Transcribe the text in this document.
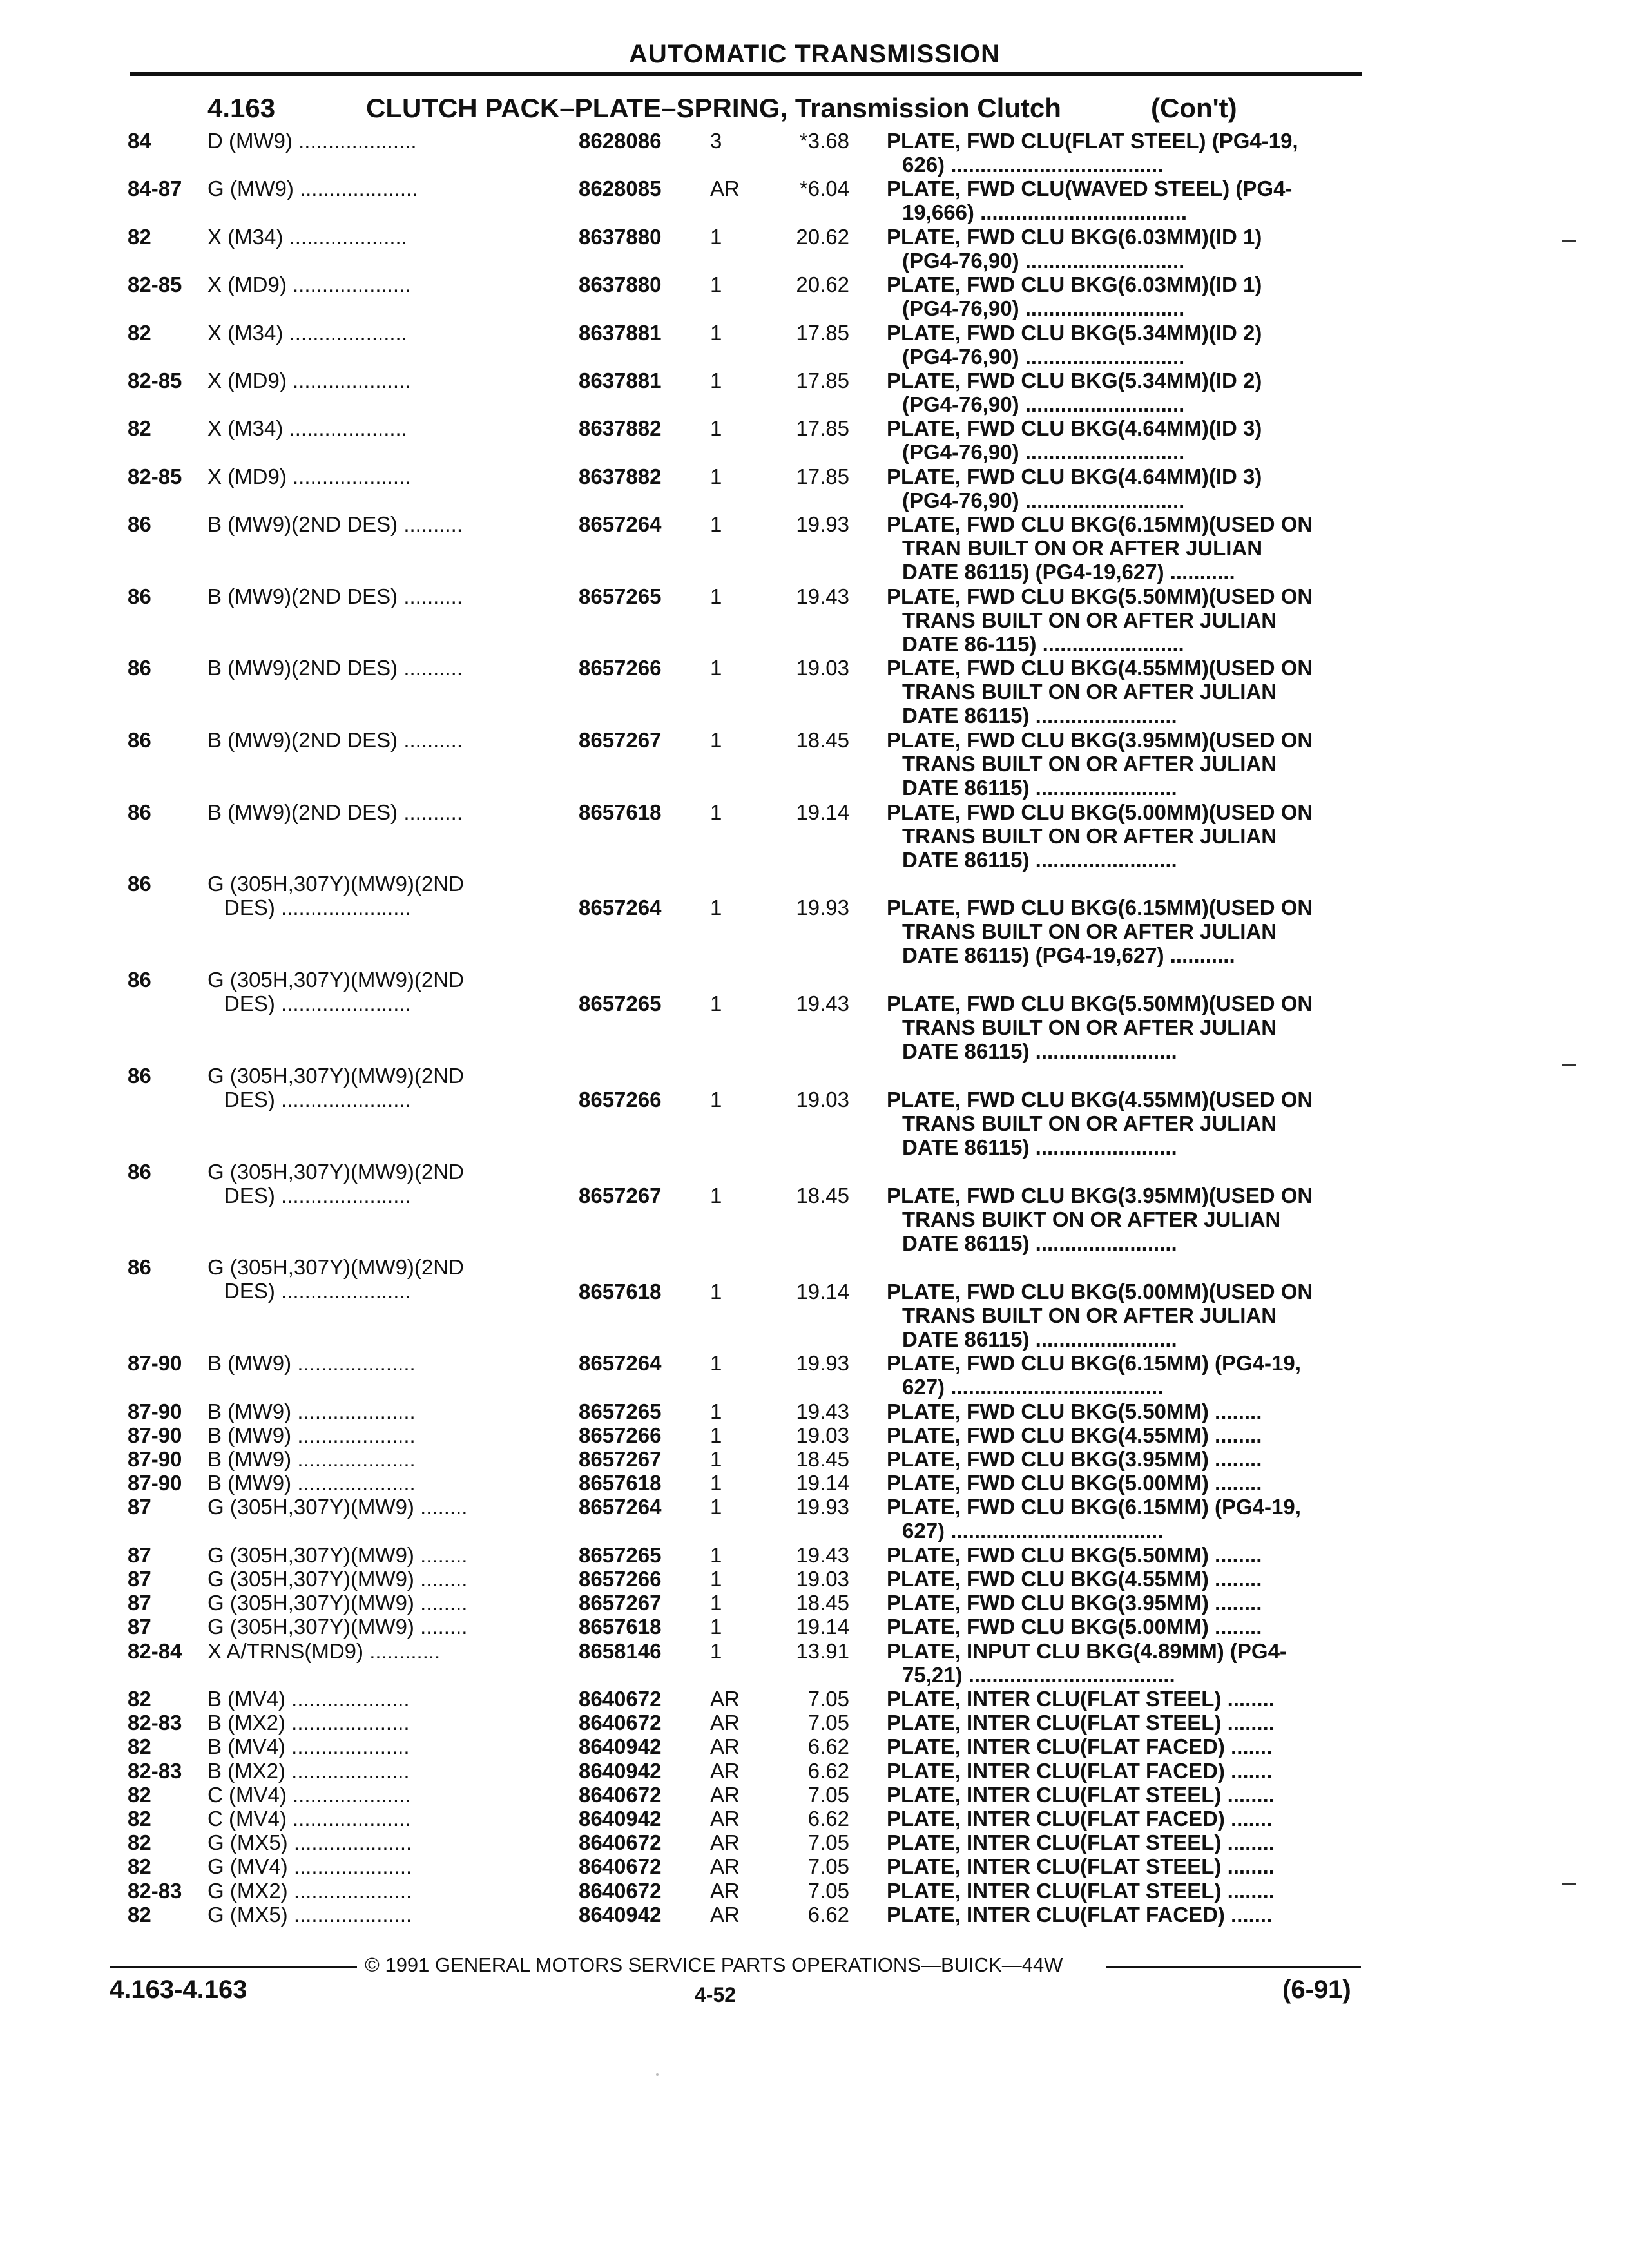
AUTOMATIC TRANSMISSION
4.163	CLUTCH PACK–PLATE–SPRING, Transmission Clutch	(Con't)
84	D (MW9) ....................	8628086 3	*3.68 PLATE, FWD CLU(FLAT STEEL) (PG4-19,
626) ....................................
84-87 G (MW9) ....................	8628085 AR	*6.04 PLATE, FWD CLU(WAVED STEEL) (PG4-
19,666) ...................................
82	X (M34) ....................	8637880 1	20.62 PLATE, FWD CLU BKG(6.03MM)(ID 1)
(PG4-76,90) ...........................
82-85 X (MD9) ....................	8637880 1	20.62 PLATE, FWD CLU BKG(6.03MM)(ID 1)
(PG4-76,90) ...........................
82	X (M34) ....................	8637881 1	17.85 PLATE, FWD CLU BKG(5.34MM)(ID 2)
(PG4-76,90) ...........................
82-85 X (MD9) ....................	8637881 1	17.85 PLATE, FWD CLU BKG(5.34MM)(ID 2)
(PG4-76,90) ...........................
82	X (M34) ....................	8637882 1	17.85 PLATE, FWD CLU BKG(4.64MM)(ID 3)
(PG4-76,90) ...........................
82-85 X (MD9) ....................	8637882 1	17.85 PLATE, FWD CLU BKG(4.64MM)(ID 3)
(PG4-76,90) ...........................
86	B (MW9)(2ND DES) ..........	8657264 1	19.93 PLATE, FWD CLU BKG(6.15MM)(USED ON
TRAN BUILT ON OR AFTER JULIAN
DATE 86115) (PG4-19,627) ...........
86	B (MW9)(2ND DES) ..........	8657265 1	19.43 PLATE, FWD CLU BKG(5.50MM)(USED ON
TRANS BUILT ON OR AFTER JULIAN
DATE 86-115) ........................
86	B (MW9)(2ND DES) ..........	8657266 1	19.03 PLATE, FWD CLU BKG(4.55MM)(USED ON
TRANS BUILT ON OR AFTER JULIAN
DATE 86115) ........................
86	B (MW9)(2ND DES) ..........	8657267 1	18.45 PLATE, FWD CLU BKG(3.95MM)(USED ON
TRANS BUILT ON OR AFTER JULIAN
DATE 86115) ........................
86	B (MW9)(2ND DES) ..........	8657618 1	19.14 PLATE, FWD CLU BKG(5.00MM)(USED ON
TRANS BUILT ON OR AFTER JULIAN
DATE 86115) ........................
86	G (305H,307Y)(MW9)(2ND
DES) ......................	8657264 1	19.93 PLATE, FWD CLU BKG(6.15MM)(USED ON
TRANS BUILT ON OR AFTER JULIAN
DATE 86115) (PG4-19,627) ...........
86	G (305H,307Y)(MW9)(2ND
DES) ......................	8657265 1	19.43 PLATE, FWD CLU BKG(5.50MM)(USED ON
TRANS BUILT ON OR AFTER JULIAN
DATE 86115) ........................
86	G (305H,307Y)(MW9)(2ND
DES) ......................	8657266 1	19.03 PLATE, FWD CLU BKG(4.55MM)(USED ON
TRANS BUILT ON OR AFTER JULIAN
DATE 86115) ........................
86	G (305H,307Y)(MW9)(2ND
DES) ......................	8657267 1	18.45 PLATE, FWD CLU BKG(3.95MM)(USED ON
TRANS BUIKT ON OR AFTER JULIAN
DATE 86115) ........................
86	G (305H,307Y)(MW9)(2ND
DES) ......................	8657618 1	19.14 PLATE, FWD CLU BKG(5.00MM)(USED ON
TRANS BUILT ON OR AFTER JULIAN
DATE 86115) ........................
87-90 B (MW9) ....................	8657264 1	19.93 PLATE, FWD CLU BKG(6.15MM) (PG4-19,
627) ....................................
87-90 B (MW9) ....................	8657265 1	19.43 PLATE, FWD CLU BKG(5.50MM) ........
87-90 B (MW9) ....................	8657266 1	19.03 PLATE, FWD CLU BKG(4.55MM) ........
87-90 B (MW9) ....................	8657267 1	18.45 PLATE, FWD CLU BKG(3.95MM) ........
87-90 B (MW9) ....................	8657618 1	19.14 PLATE, FWD CLU BKG(5.00MM) ........
87	G (305H,307Y)(MW9) ........	8657264 1	19.93 PLATE, FWD CLU BKG(6.15MM) (PG4-19,
627) ....................................
87	G (305H,307Y)(MW9) ........	8657265 1	19.43 PLATE, FWD CLU BKG(5.50MM) ........
87	G (305H,307Y)(MW9) ........	8657266 1	19.03 PLATE, FWD CLU BKG(4.55MM) ........
87	G (305H,307Y)(MW9) ........	8657267 1	18.45 PLATE, FWD CLU BKG(3.95MM) ........
87	G (305H,307Y)(MW9) ........	8657618 1	19.14 PLATE, FWD CLU BKG(5.00MM) ........
82-84 X A/TRNS(MD9) ............	8658146 1	13.91 PLATE, INPUT CLU BKG(4.89MM) (PG4-
75,21) ...................................
82	B (MV4) ....................	8640672 AR	7.05 PLATE, INTER CLU(FLAT STEEL) ........
82-83 B (MX2) ....................	8640672 AR	7.05 PLATE, INTER CLU(FLAT STEEL) ........
82	B (MV4) ....................	8640942 AR	6.62 PLATE, INTER CLU(FLAT FACED) .......
82-83 B (MX2) ....................	8640942 AR	6.62 PLATE, INTER CLU(FLAT FACED) .......
82	C (MV4) ....................	8640672 AR	7.05 PLATE, INTER CLU(FLAT STEEL) ........
82	C (MV4) ....................	8640942 AR	6.62 PLATE, INTER CLU(FLAT FACED) .......
82	G (MX5) ....................	8640672 AR	7.05 PLATE, INTER CLU(FLAT STEEL) ........
82	G (MV4) ....................	8640672 AR	7.05 PLATE, INTER CLU(FLAT STEEL) ........
82-83 G (MX2) ....................	8640672 AR	7.05 PLATE, INTER CLU(FLAT STEEL) ........
82	G (MX5) ....................	8640942 AR	6.62 PLATE, INTER CLU(FLAT FACED) .......
© 1991 GENERAL MOTORS SERVICE PARTS OPERATIONS—BUICK—44W
4.163-4.163	4-52	(6-91)
